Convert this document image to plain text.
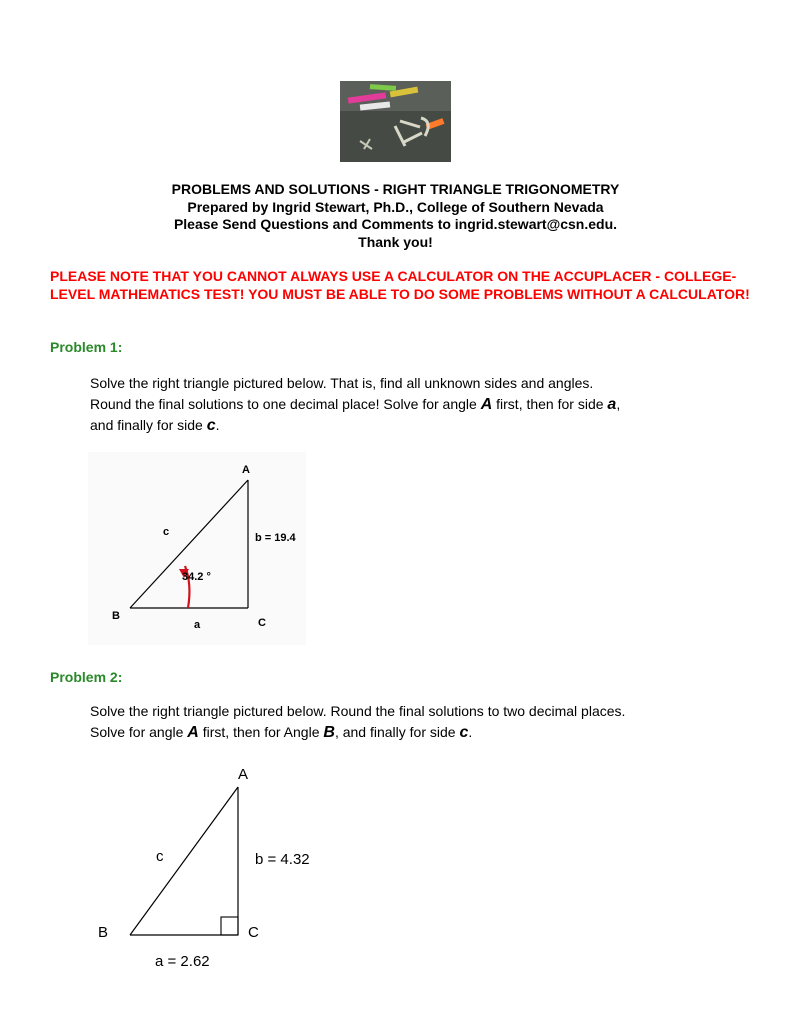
PROBLEMS AND SOLUTIONS - RIGHT TRIANGLE TRIGONOMETRY
Prepared by Ingrid Stewart, Ph.D., College of Southern Nevada
Please Send Questions and Comments to ingrid.stewart@csn.edu.
Thank you!
PLEASE NOTE THAT YOU CANNOT ALWAYS USE A CALCULATOR ON THE ACCUPLACER - COLLEGE-LEVEL MATHEMATICS TEST! YOU MUST BE ABLE TO DO SOME PROBLEMS WITHOUT A CALCULATOR!
Problem 1:
Solve the right triangle pictured below. That is, find all unknown sides and angles.
Round the final solutions to one decimal place! Solve for angle A first, then for side a,
and finally for side c.
A
B
C
c
a
b = 19.4
34.2 °
Problem 2:
Solve the right triangle pictured below. Round the final solutions to two decimal places.
Solve for angle A first, then for Angle B, and finally for side c.
A
B	C
c	b = 4.32
a = 2.62
